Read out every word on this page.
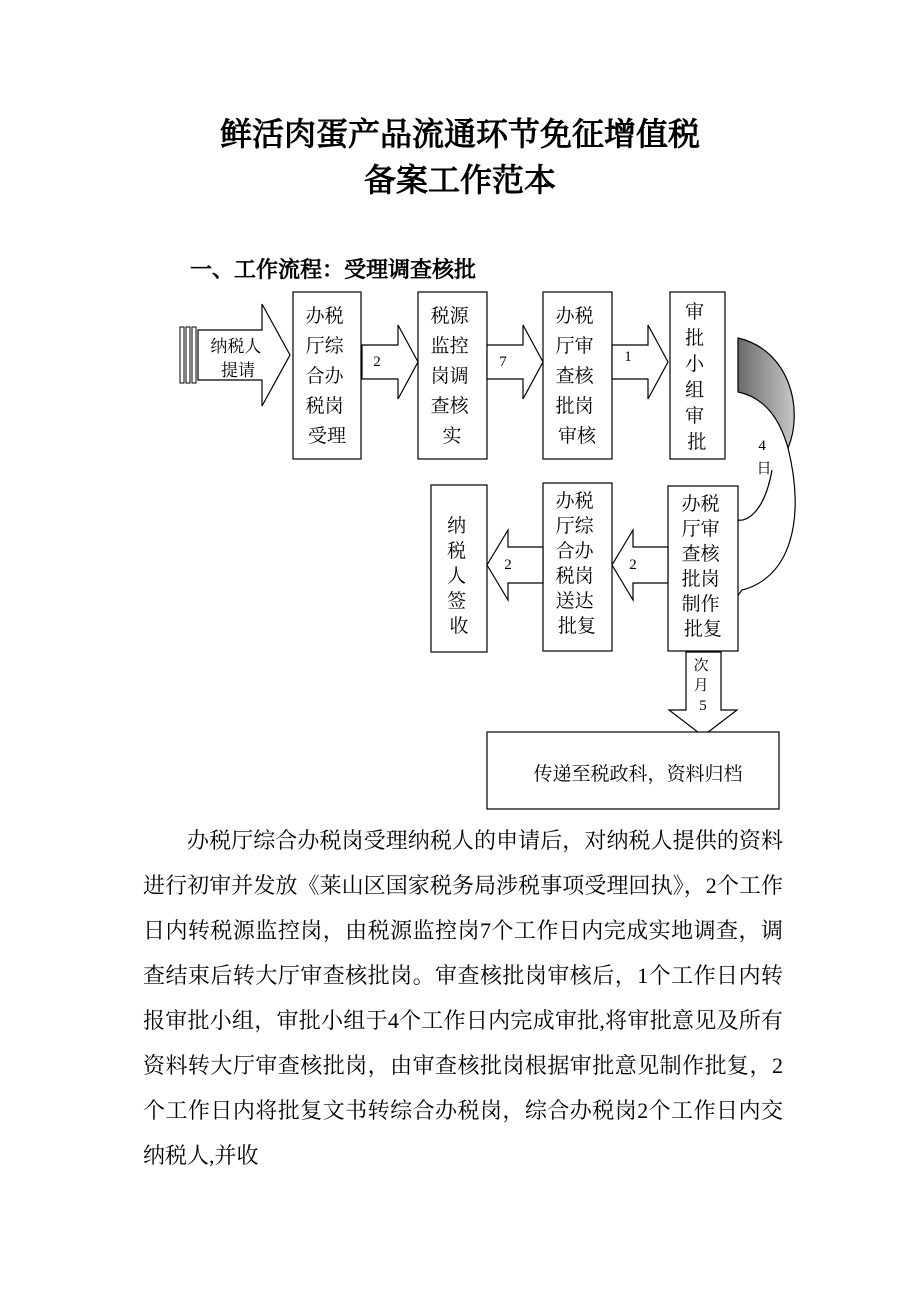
鲜活肉蛋产品流通环节免征增值税
备案工作范本
一、工作流程：受理调查核批
纳税人 提请
办税 厅综 合办 税岗 受理
2
税源 监控 岗调 查核 实
7
办税 厅审 查核 批岗 审核
1
审 批 小 组 审 批	4 日
办税 厅审 查核 批岗 制作 批复
2
办税 厅综 合办 税岗 送达 批复
2
纳 税 人 签 收
次 月 5
传递至税政科，资料归档

办税厅综合办税岗受理纳税人的申请后，对纳税人提供的资料进行初审并发放《莱山区国家税务局涉税事项受理回执》，2个工作日内转税源监控岗，由税源监控岗7个工作日内完成实地调查，调查结束后转大厅审查核批岗。审查核批岗审核后，1个工作日内转报审批小组，审批小组于4个工作日内完成审批,将审批意见及所有资料转大厅审查核批岗，由审查核批岗根据审批意见制作批复，2个工作日内将批复文书转综合办税岗，综合办税岗2个工作日内交纳税人,并收
